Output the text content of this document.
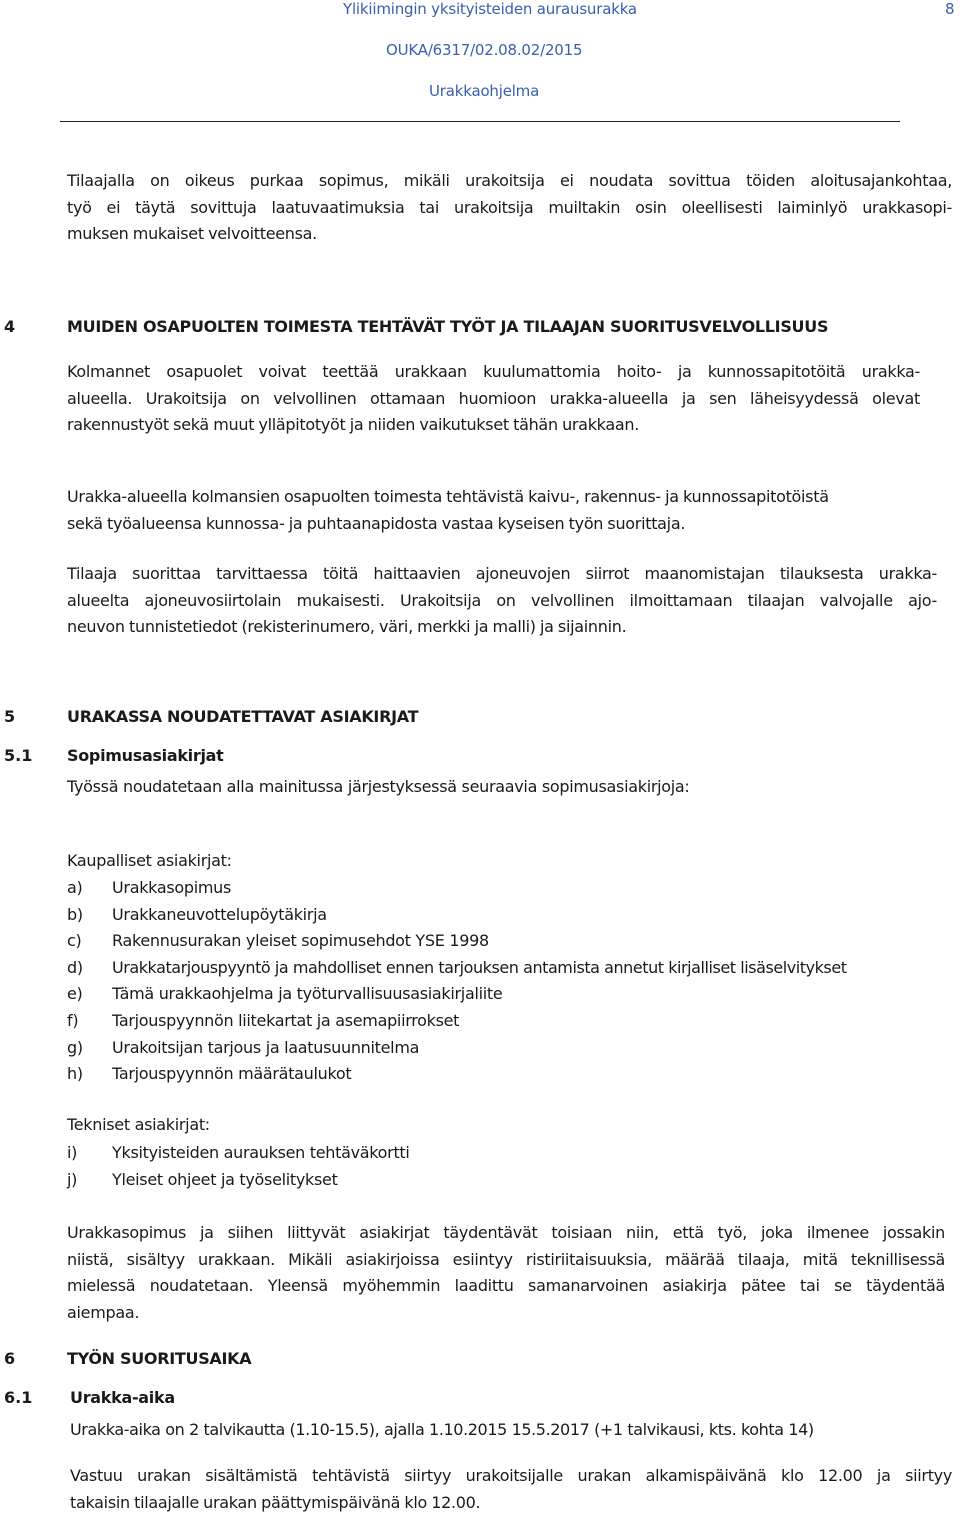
Ylikiimingin yksityisteiden aurausurakka	8
OUKA/6317/02.08.02/2015
Urakkaohjelma
Tilaajalla on oikeus purkaa sopimus, mikäli urakoitsija ei noudata sovittua töiden aloitusajankohtaa,
työ ei täytä sovittuja laatuvaatimuksia tai urakoitsija muiltakin osin oleellisesti laiminlyö urakkasopi-
muksen mukaiset velvoitteensa.
4	MUIDEN OSAPUOLTEN TOIMESTA TEHTÄVÄT TYÖT JA TILAAJAN SUORITUSVELVOLLISUUS
Kolmannet osapuolet voivat teettää urakkaan kuulumattomia hoito- ja kunnossapitotöitä urakka-
alueella. Urakoitsija on velvollinen ottamaan huomioon urakka-alueella ja sen läheisyydessä olevat
rakennustyöt sekä muut ylläpitotyöt ja niiden vaikutukset tähän urakkaan.
Urakka-alueella kolmansien osapuolten toimesta tehtävistä kaivu-, rakennus- ja kunnossapitotöistä
sekä työalueensa kunnossa- ja puhtaanapidosta vastaa kyseisen työn suorittaja.
Tilaaja suorittaa tarvittaessa töitä haittaavien ajoneuvojen siirrot maanomistajan tilauksesta urakka-
alueelta ajoneuvosiirtolain mukaisesti. Urakoitsija on velvollinen ilmoittamaan tilaajan valvojalle ajo-
neuvon tunnistetiedot (rekisterinumero, väri, merkki ja malli) ja sijainnin.
5	URAKASSA NOUDATETTAVAT ASIAKIRJAT
5.1 Sopimusasiakirjat
Työssä noudatetaan alla mainitussa järjestyksessä seuraavia sopimusasiakirjoja:
Kaupalliset asiakirjat:
a) Urakkasopimus
b) Urakkaneuvottelupöytäkirja
c) Rakennusurakan yleiset sopimusehdot YSE 1998
d) Urakkatarjouspyyntö ja mahdolliset ennen tarjouksen antamista annetut kirjalliset lisäselvitykset
e) Tämä urakkaohjelma ja työturvallisuusasiakirjaliite
f) Tarjouspyynnön liitekartat ja asemapiirrokset
g) Urakoitsijan tarjous ja laatusuunnitelma
h) Tarjouspyynnön määrätaulukot
Tekniset asiakirjat:
i) Yksityisteiden aurauksen tehtäväkortti
j) Yleiset ohjeet ja työselitykset
Urakkasopimus ja siihen liittyvät asiakirjat täydentävät toisiaan niin, että työ, joka ilmenee jossakin
niistä, sisältyy urakkaan. Mikäli asiakirjoissa esiintyy ristiriitaisuuksia, määrää tilaaja, mitä teknillisessä
mielessä noudatetaan. Yleensä myöhemmin laadittu samanarvoinen asiakirja pätee tai se täydentää
aiempaa.
6	TYÖN SUORITUSAIKA
6.1 Urakka-aika
Urakka-aika on 2 talvikautta (1.10-15.5), ajalla 1.10.2015 15.5.2017 (+1 talvikausi, kts. kohta 14)
Vastuu urakan sisältämistä tehtävistä siirtyy urakoitsijalle urakan alkamispäivänä klo 12.00 ja siirtyy
takaisin tilaajalle urakan päättymispäivänä klo 12.00.
